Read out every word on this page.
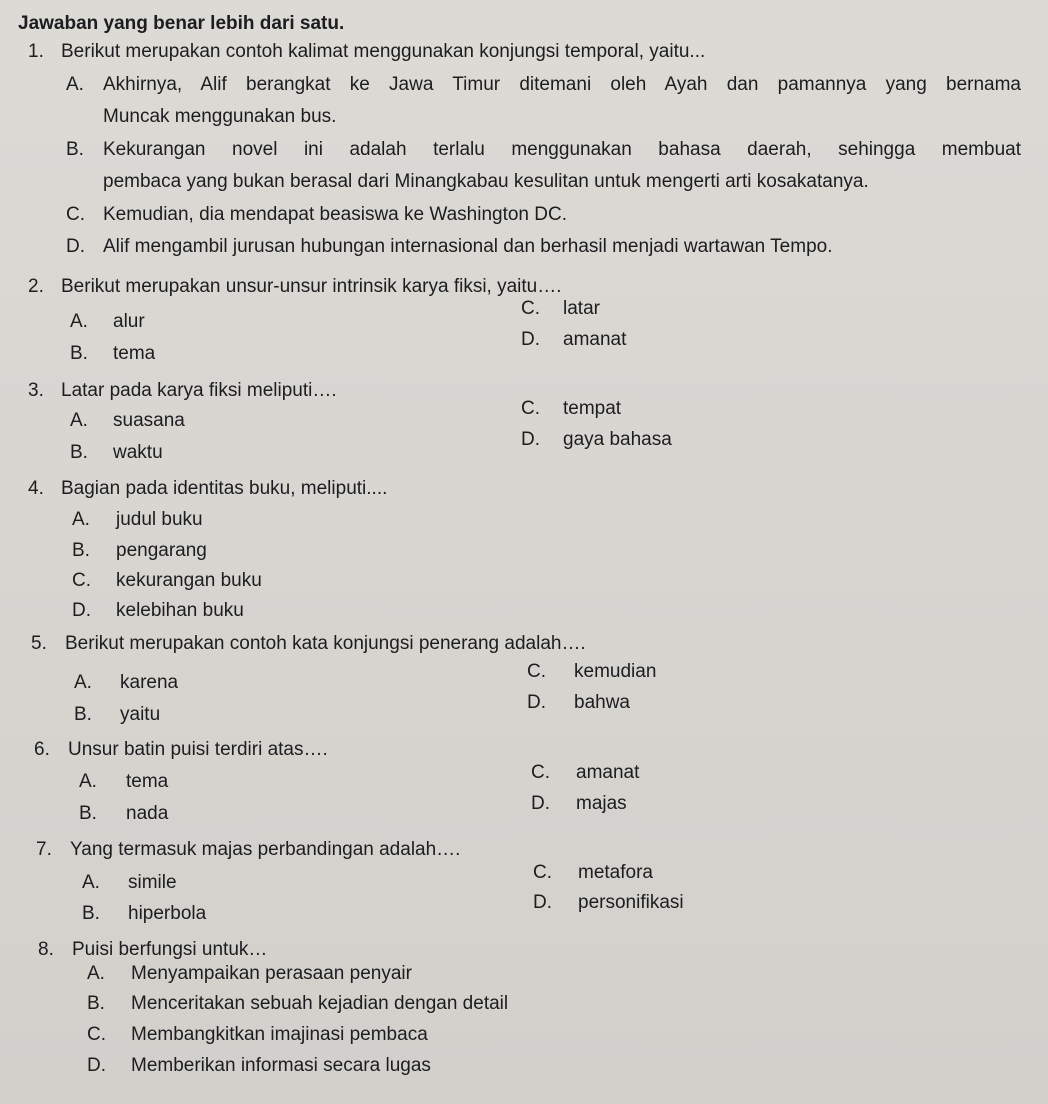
Jawaban yang benar lebih dari satu.
1. Berikut merupakan contoh kalimat menggunakan konjungsi temporal, yaitu...
A. Akhirnya, Alif berangkat ke Jawa Timur ditemani oleh Ayah dan pamannya yang bernama
Muncak menggunakan bus.
B. Kekurangan novel ini adalah terlalu menggunakan bahasa daerah, sehingga membuat
pembaca yang bukan berasal dari Minangkabau kesulitan untuk mengerti arti kosakatanya.
C. Kemudian, dia mendapat beasiswa ke Washington DC.
D. Alif mengambil jurusan hubungan internasional dan berhasil menjadi wartawan Tempo.
2. Berikut merupakan unsur-unsur intrinsik karya fiksi, yaitu….
A. alur
B. tema
C. latar
D. amanat
3. Latar pada karya fiksi meliputi….
A. suasana
B. waktu
C. tempat
D. gaya bahasa
4. Bagian pada identitas buku, meliputi....
A. judul buku
B. pengarang
C. kekurangan buku
D. kelebihan buku
5. Berikut merupakan contoh kata konjungsi penerang adalah….
A. karena
B. yaitu
C. kemudian
D. bahwa
6. Unsur batin puisi terdiri atas….
A. tema
B. nada
C. amanat
D. majas
7. Yang termasuk majas perbandingan adalah….
A. simile
B. hiperbola
C. metafora
D. personifikasi
8. Puisi berfungsi untuk…
A. Menyampaikan perasaan penyair
B. Menceritakan sebuah kejadian dengan detail
C. Membangkitkan imajinasi pembaca
D. Memberikan informasi secara lugas
